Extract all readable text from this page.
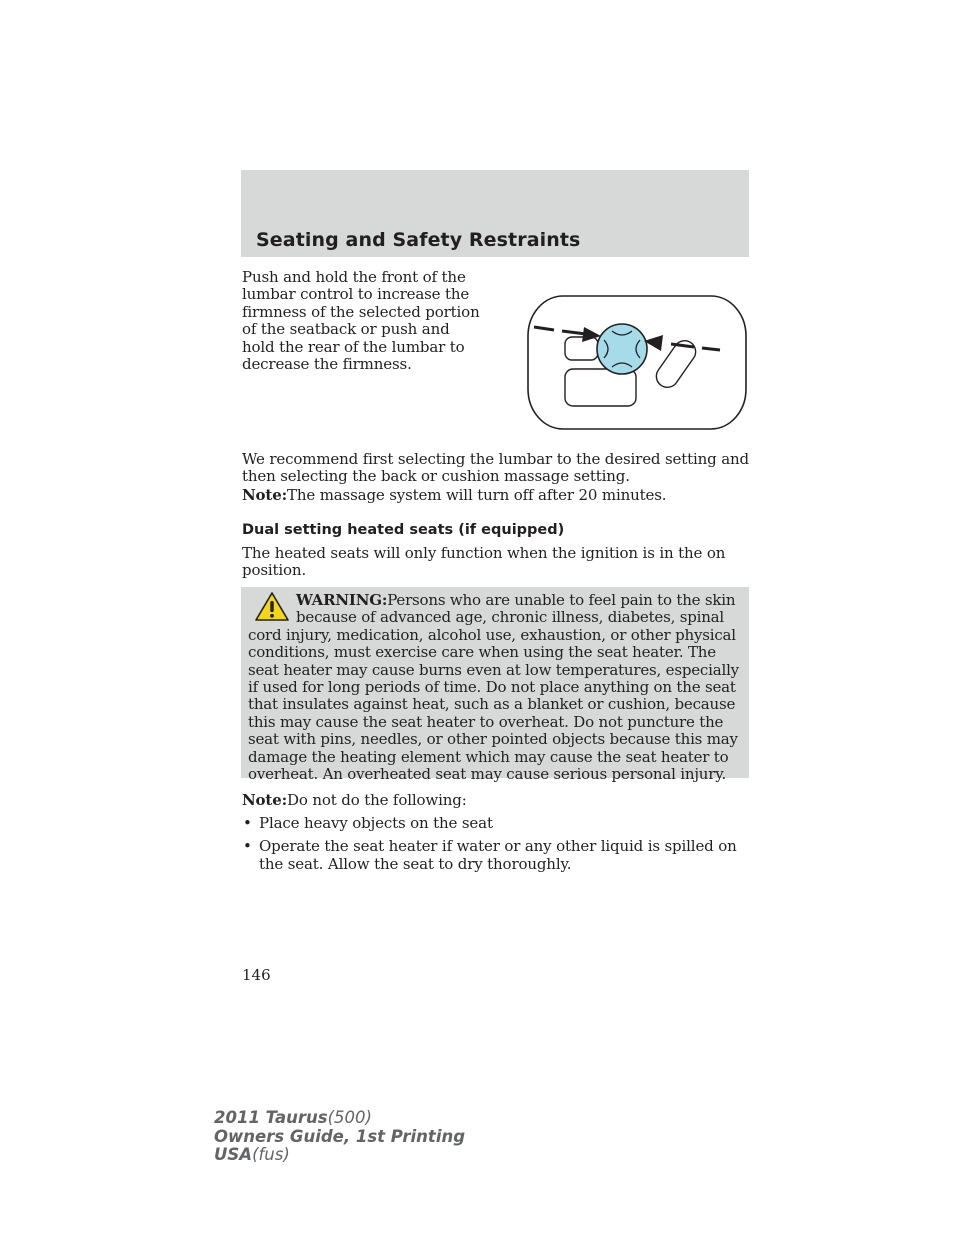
Seating and Safety Restraints

Push and hold the front of the lumbar control to increase the firmness of the selected portion of the seatback or push and hold the rear of the lumbar to decrease the firmness.

We recommend first selecting the lumbar to the desired setting and then selecting the back or cushion massage setting.

Note:The massage system will turn off after 20 minutes.

Dual setting heated seats (if equipped)

The heated seats will only function when the ignition is in the on position.

WARNING:Persons who are unable to feel pain to the skin because of advanced age, chronic illness, diabetes, spinal cord injury, medication, alcohol use, exhaustion, or other physical conditions, must exercise care when using the seat heater. The seat heater may cause burns even at low temperatures, especially if used for long periods of time. Do not place anything on the seat that insulates against heat, such as a blanket or cushion, because this may cause the seat heater to overheat. Do not puncture the seat with pins, needles, or other pointed objects because this may damage the heating element which may cause the seat heater to overheat. An overheated seat may cause serious personal injury.

Note:Do not do the following:

• Place heavy objects on the seat
• Operate the seat heater if water or any other liquid is spilled on the seat. Allow the seat to dry thoroughly.
146
2011 Taurus(500)
Owners Guide, 1st Printing
USA(fus)
